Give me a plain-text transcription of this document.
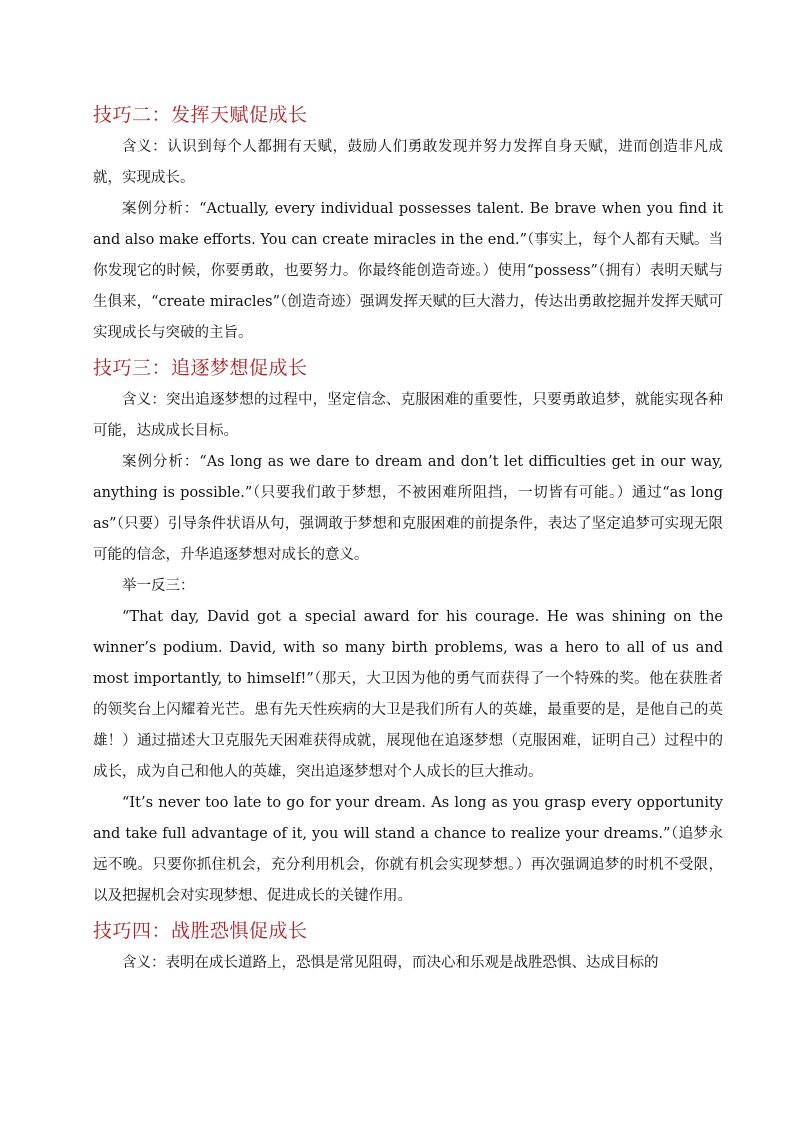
技巧二：发挥天赋促成长

含义：认识到每个人都拥有天赋，鼓励人们勇敢发现并努力发挥自身天赋，进而创造非凡成就，实现成长。

案例分析：“Actually, every individual possesses talent. Be brave when you find it and also make efforts. You can create miracles in the end.”（事实上，每个人都有天赋。当你发现它的时候，你要勇敢，也要努力。你最终能创造奇迹。）使用“possess”（拥有）表明天赋与生俱来，“create miracles”（创造奇迹）强调发挥天赋的巨大潜力，传达出勇敢挖掘并发挥天赋可实现成长与突破的主旨。

技巧三：追逐梦想促成长

含义：突出追逐梦想的过程中，坚定信念、克服困难的重要性，只要勇敢追梦，就能实现各种可能，达成成长目标。

案例分析：“As long as we dare to dream and don’t let difficulties get in our way, anything is possible.”（只要我们敢于梦想，不被困难所阻挡，一切皆有可能。）通过“as long as”（只要）引导条件状语从句，强调敢于梦想和克服困难的前提条件，表达了坚定追梦可实现无限可能的信念，升华追逐梦想对成长的意义。

举一反三：

“That day, David got a special award for his courage. He was shining on the winner’s podium. David, with so many birth problems, was a hero to all of us and most importantly, to himself!”（那天，大卫因为他的勇气而获得了一个特殊的奖。他在获胜者的领奖台上闪耀着光芒。患有先天性疾病的大卫是我们所有人的英雄，最重要的是，是他自己的英雄！）通过描述大卫克服先天困难获得成就，展现他在追逐梦想（克服困难，证明自己）过程中的成长，成为自己和他人的英雄，突出追逐梦想对个人成长的巨大推动。

“It’s never too late to go for your dream. As long as you grasp every opportunity and take full advantage of it, you will stand a chance to realize your dreams.”（追梦永远不晚。只要你抓住机会，充分利用机会，你就有机会实现梦想。）再次强调追梦的时机不受限，以及把握机会对实现梦想、促进成长的关键作用。

技巧四：战胜恐惧促成长

含义：表明在成长道路上，恐惧是常见阻碍，而决心和乐观是战胜恐惧、达成目标的
